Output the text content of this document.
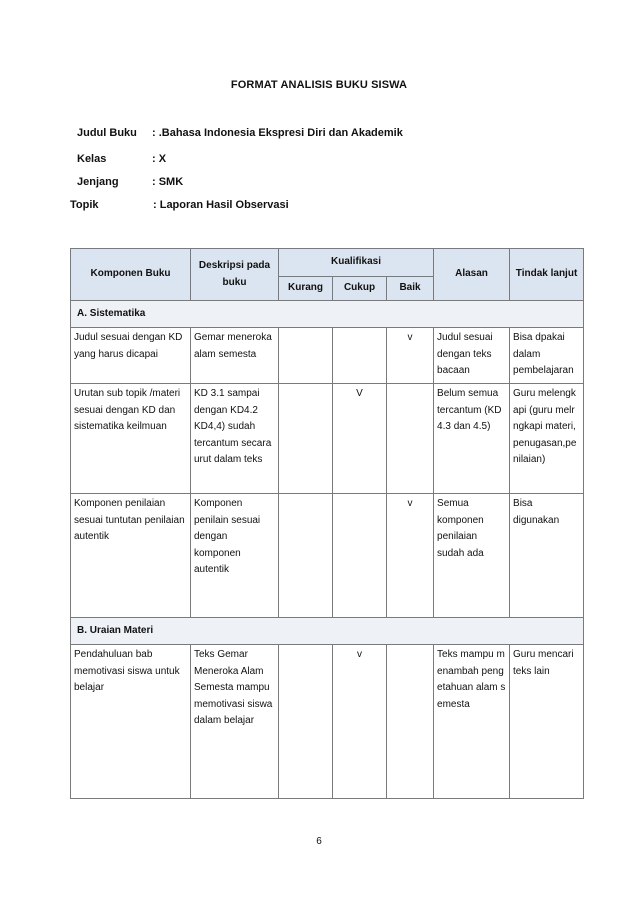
FORMAT ANALISIS BUKU SISWA
Judul Buku : .Bahasa Indonesia Ekspresi Diri dan Akademik
Kelas	: X
Jenjang	: SMK
Topik	: Laporan Hasil Observasi
Komponen Buku	Deskripsi pada buku	Kualifikasi			Alasan	Tindak lanjut
		Kurang	Cukup	Baik		
A. Sistematika						
Judul sesuai dengan KD yang harus dicapai	Gemar meneroka alam semesta			v	Judul sesuai dengan teks bacaan	Bisa dpakai dalam pembelajaran
Urutan sub topik /materi sesuai dengan KD dan sistematika keilmuan	KD 3.1 sampai dengan KD4.2 KD4,4) sudah tercantum secara urut dalam teks		V		Belum semua tercantum (KD 4.3 dan 4.5)	Guru melengkapi (guru melrngkapi materi,penugasan,penilaian)
Komponen penilaian sesuai tuntutan penilaian autentik	Komponen penilain sesuai dengan komponen autentik			v	Semua komponen penilaian sudah ada	Bisa digunakan
B. Uraian Materi						
Pendahuluan bab memotivasi siswa untuk belajar	Teks Gemar Meneroka Alam Semesta mampu memotivasi siswa dalam belajar		v		Teks mampu menambah pengetahuan alam semesta	Guru mencari teks lain
6
